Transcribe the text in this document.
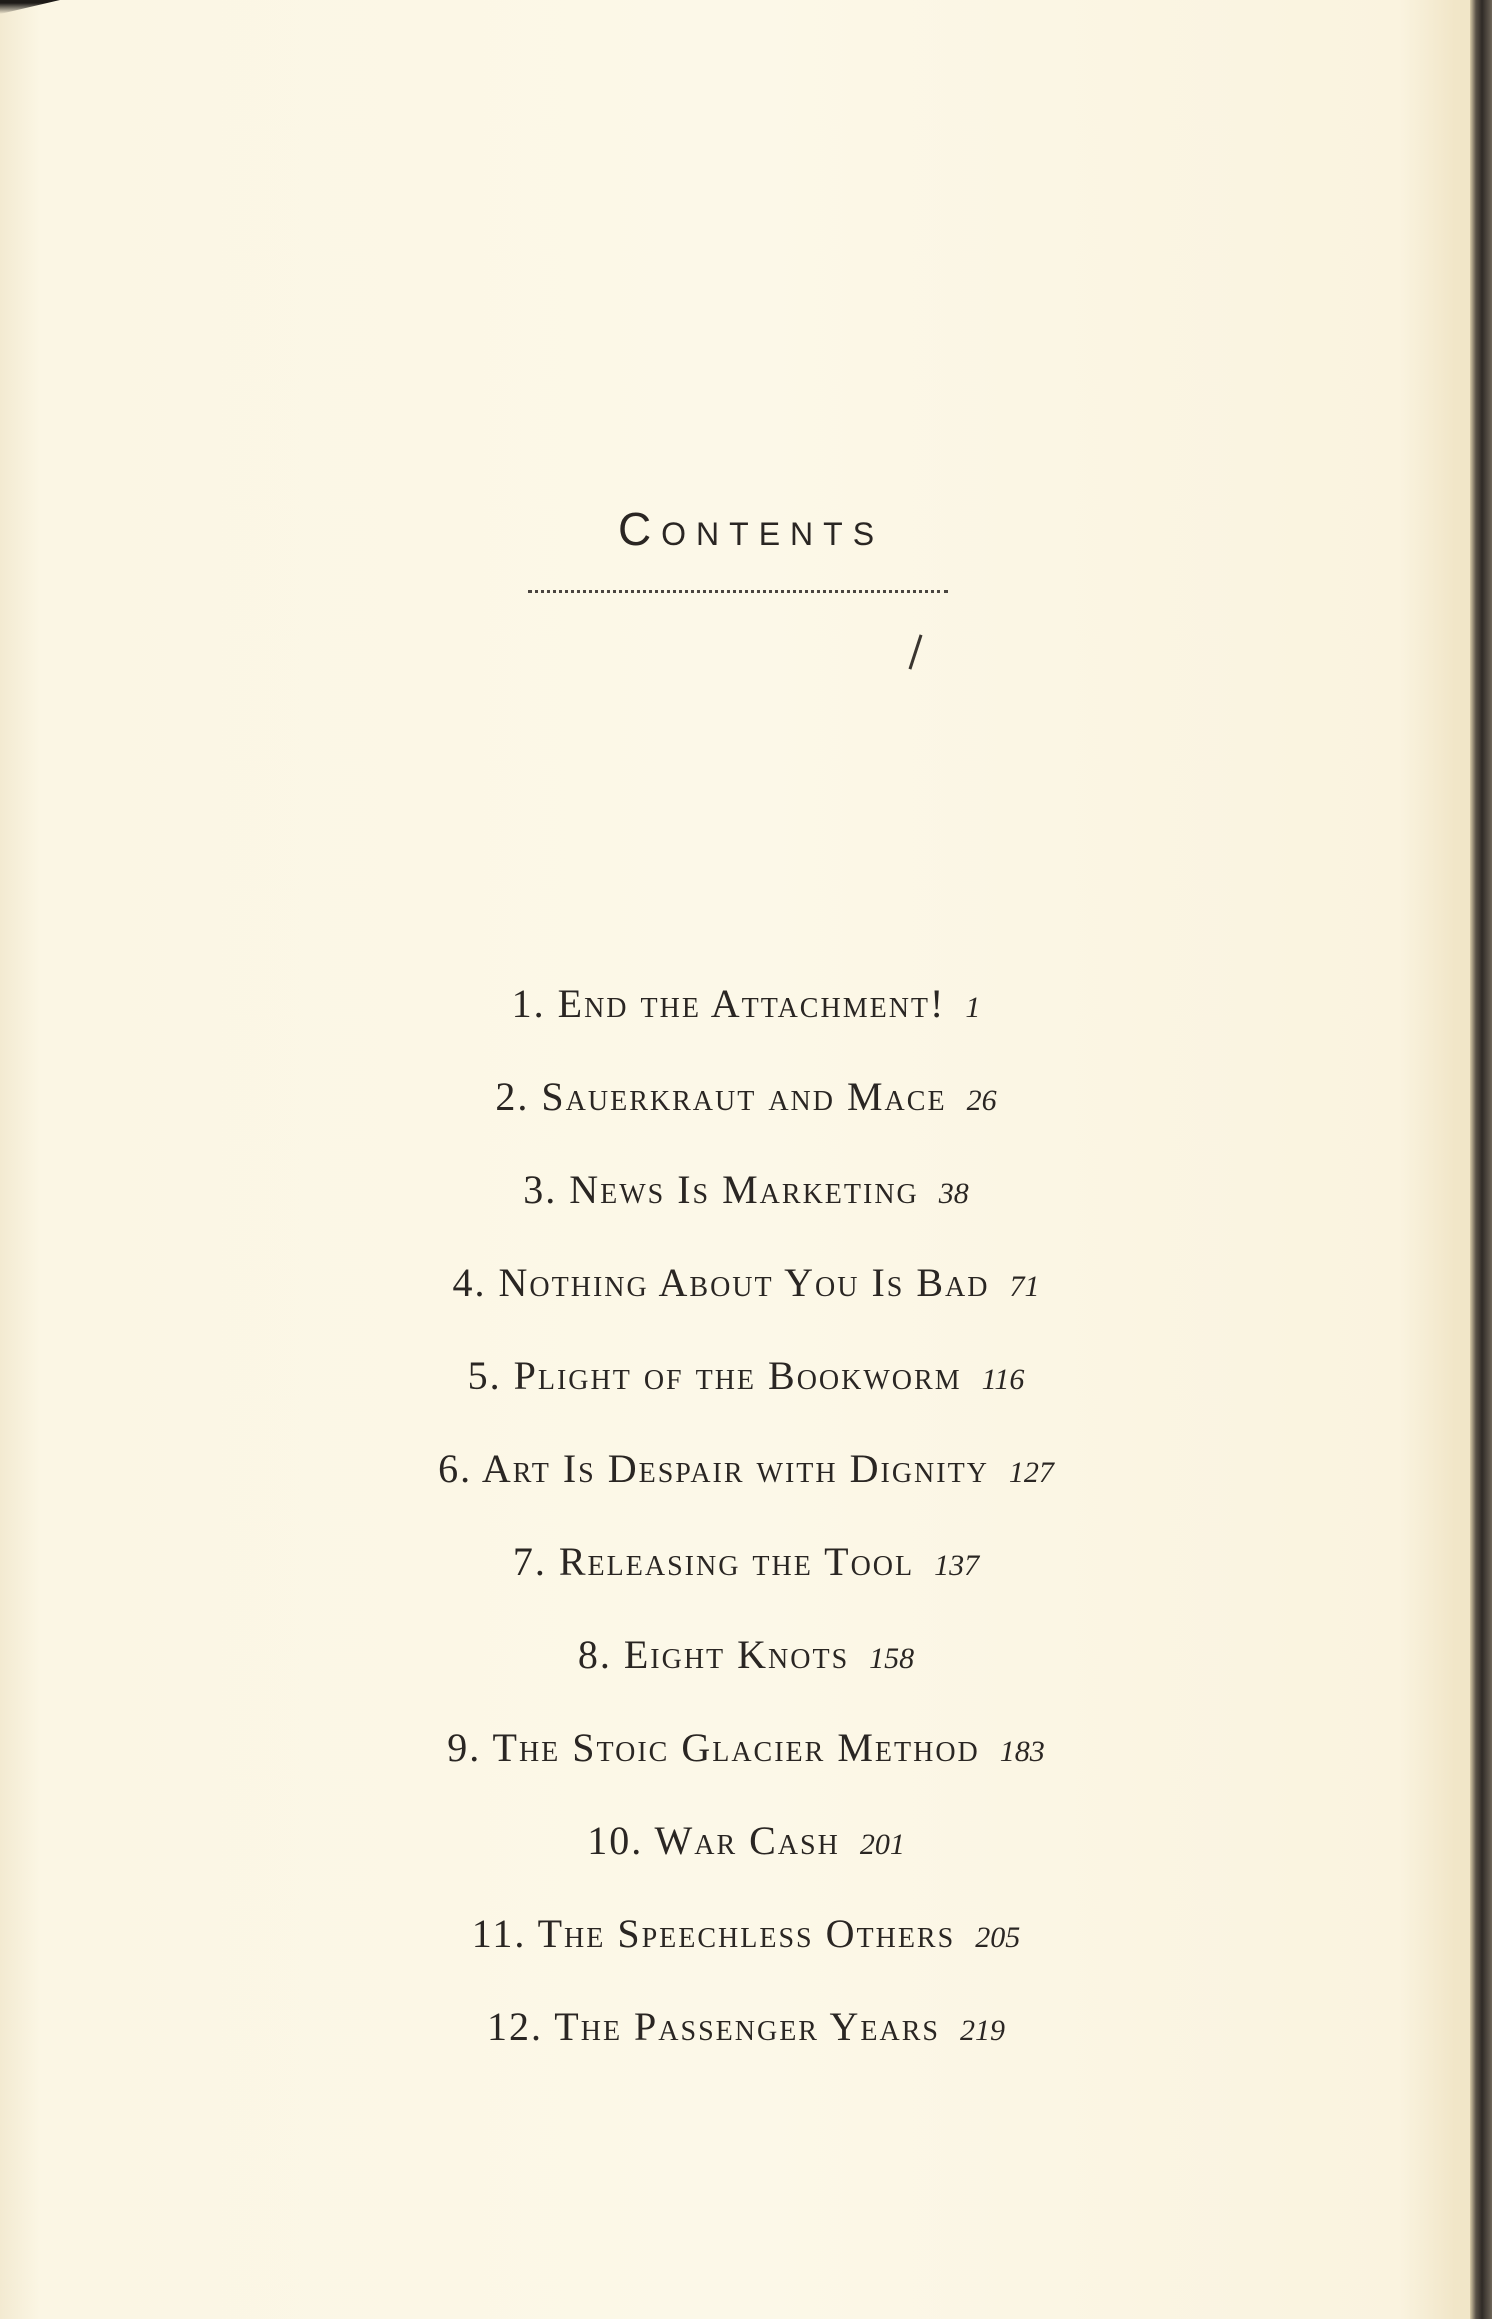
Contents
1. End the Attachment! 1
2. Sauerkraut and Mace 26
3. News Is Marketing 38
4. Nothing About You Is Bad 71
5. Plight of the Bookworm 116
6. Art Is Despair with Dignity 127
7. Releasing the Tool 137
8. Eight Knots 158
9. The Stoic Glacier Method 183
10. War Cash 201
11. The Speechless Others 205
12. The Passenger Years 219
